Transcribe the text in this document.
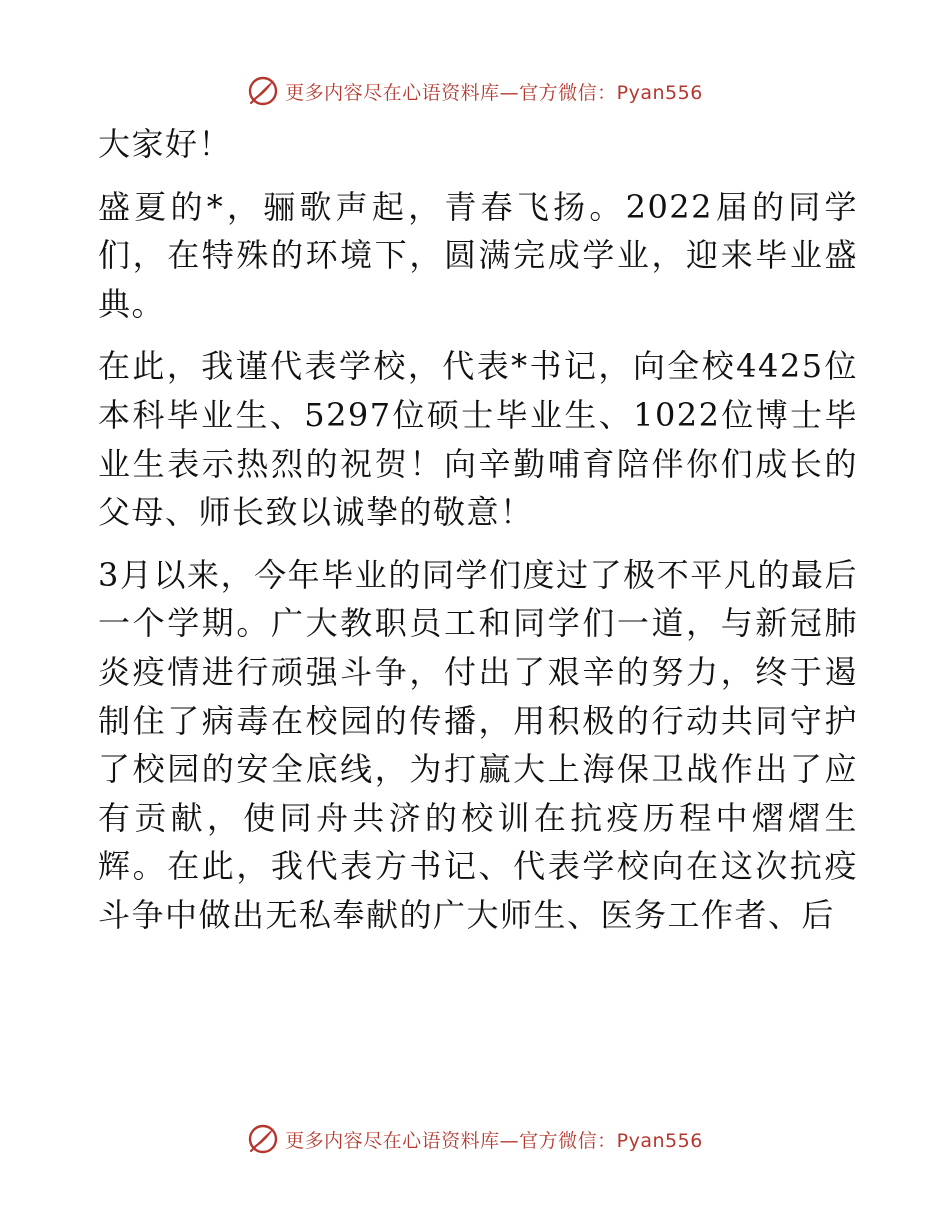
更多内容尽在心语资料库—官方微信：Pyan556

大家好！

盛夏的*，骊歌声起，青春飞扬。2022届的同学们，在特殊的环境下，圆满完成学业，迎来毕业盛典。

在此，我谨代表学校，代表*书记，向全校4425位本科毕业生、5297位硕士毕业生、1022位博士毕业生表示热烈的祝贺！向辛勤哺育陪伴你们成长的父母、师长致以诚挚的敬意！

3月以来，今年毕业的同学们度过了极不平凡的最后一个学期。广大教职员工和同学们一道，与新冠肺炎疫情进行顽强斗争，付出了艰辛的努力，终于遏制住了病毒在校园的传播，用积极的行动共同守护了校园的安全底线，为打赢大上海保卫战作出了应有贡献，使同舟共济的校训在抗疫历程中熠熠生辉。在此，我代表方书记、代表学校向在这次抗疫斗争中做出无私奉献的广大师生、医务工作者、后

更多内容尽在心语资料库—官方微信：Pyan556
